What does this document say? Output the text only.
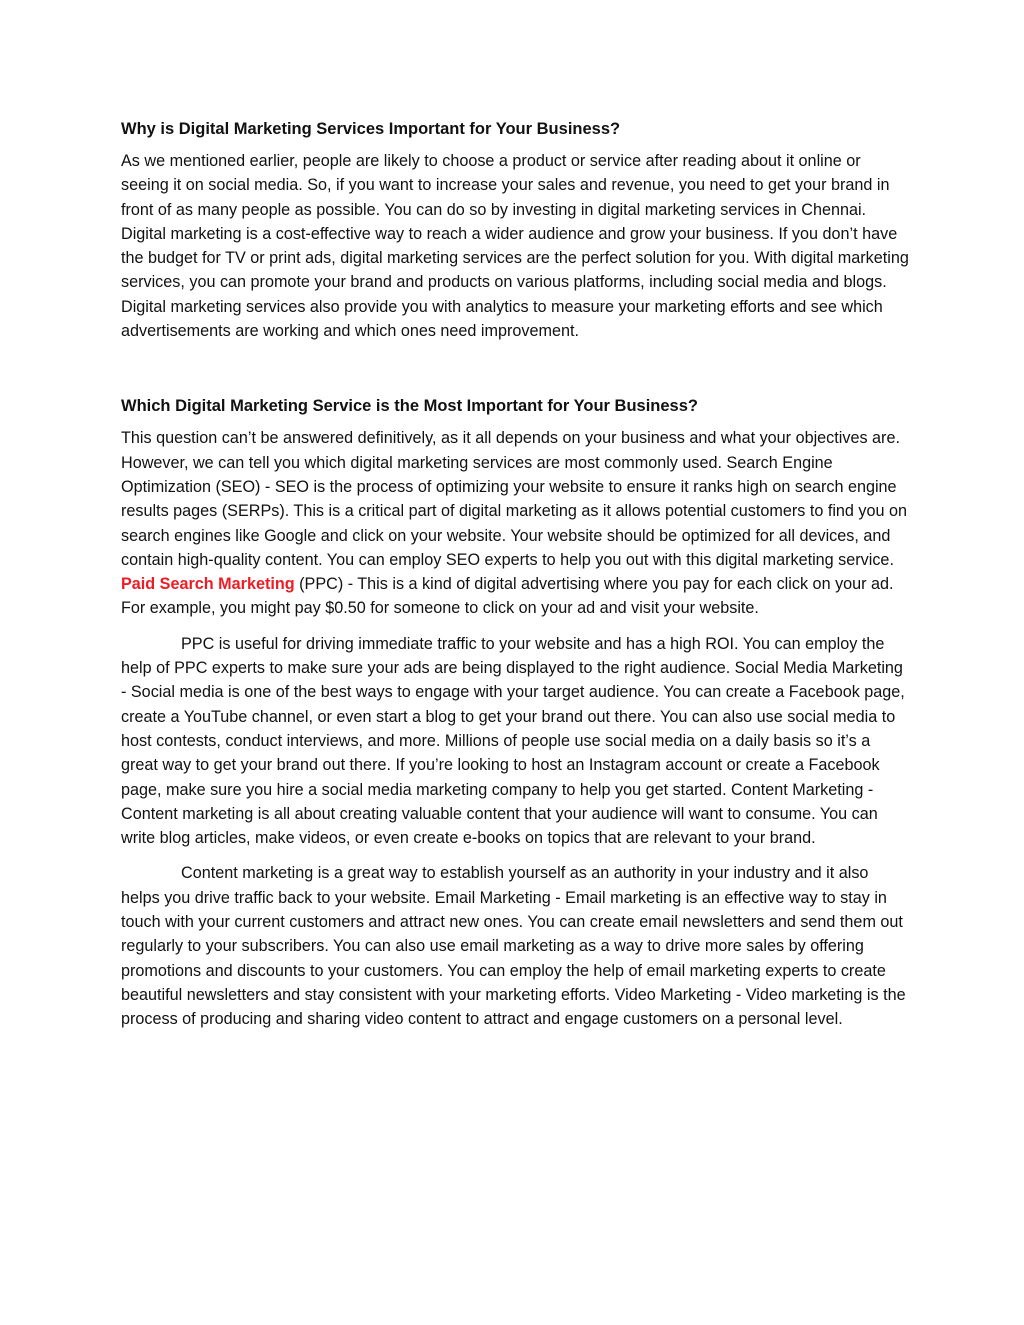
Why is Digital Marketing Services Important for Your Business?

As we mentioned earlier, people are likely to choose a product or service after reading about it online or seeing it on social media. So, if you want to increase your sales and revenue, you need to get your brand in front of as many people as possible. You can do so by investing in digital marketing services in Chennai. Digital marketing is a cost-effective way to reach a wider audience and grow your business. If you don’t have the budget for TV or print ads, digital marketing services are the perfect solution for you. With digital marketing services, you can promote your brand and products on various platforms, including social media and blogs. Digital marketing services also provide you with analytics to measure your marketing efforts and see which advertisements are working and which ones need improvement.

Which Digital Marketing Service is the Most Important for Your Business?

This question can’t be answered definitively, as it all depends on your business and what your objectives are. However, we can tell you which digital marketing services are most commonly used. Search Engine Optimization (SEO) - SEO is the process of optimizing your website to ensure it ranks high on search engine results pages (SERPs). This is a critical part of digital marketing as it allows potential customers to find you on search engines like Google and click on your website. Your website should be optimized for all devices, and contain high-quality content. You can employ SEO experts to help you out with this digital marketing service. Paid Search Marketing (PPC) - This is a kind of digital advertising where you pay for each click on your ad. For example, you might pay $0.50 for someone to click on your ad and visit your website.

PPC is useful for driving immediate traffic to your website and has a high ROI. You can employ the help of PPC experts to make sure your ads are being displayed to the right audience. Social Media Marketing - Social media is one of the best ways to engage with your target audience. You can create a Facebook page, create a YouTube channel, or even start a blog to get your brand out there. You can also use social media to host contests, conduct interviews, and more. Millions of people use social media on a daily basis so it’s a great way to get your brand out there. If you’re looking to host an Instagram account or create a Facebook page, make sure you hire a social media marketing company to help you get started. Content Marketing - Content marketing is all about creating valuable content that your audience will want to consume. You can write blog articles, make videos, or even create e-books on topics that are relevant to your brand.

Content marketing is a great way to establish yourself as an authority in your industry and it also helps you drive traffic back to your website. Email Marketing - Email marketing is an effective way to stay in touch with your current customers and attract new ones. You can create email newsletters and send them out regularly to your subscribers. You can also use email marketing as a way to drive more sales by offering promotions and discounts to your customers. You can employ the help of email marketing experts to create beautiful newsletters and stay consistent with your marketing efforts. Video Marketing - Video marketing is the process of producing and sharing video content to attract and engage customers on a personal level.
